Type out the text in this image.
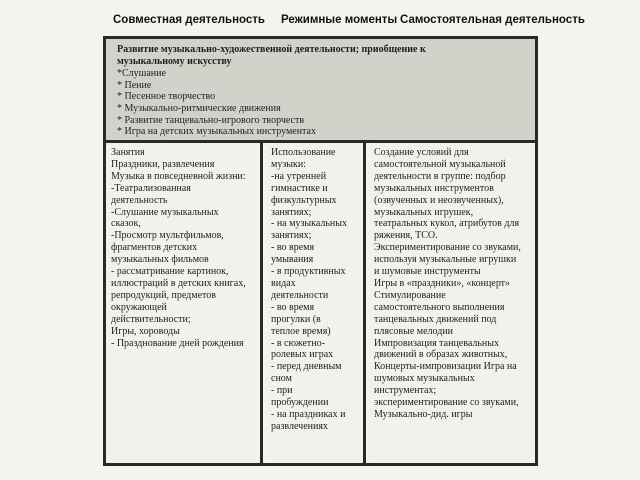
Совместная деятельность Режимные моменты Самостоятельная деятельность
Развитие музыкально-художественной деятельности; приобщение к
музыкальному искусству
*Слушание
* Пение
* Песенное творчество
* Музыкально-ритмические движения
* Развитие танцевально-игрового творчеств
* Игра на детских музыкальных инструментах
Занятия
Праздники, развлечения
Музыка в повседневной жизни:
-Театрализованная
деятельность
-Слушание музыкальных
сказок,
-Просмотр мультфильмов,
фрагментов детских
музыкальных фильмов
- рассматривание картинок,
иллюстраций в детских книгах,
репродукций, предметов
окружающей
действительности;
Игры, хороводы
- Празднование дней рождения
Использование
музыки:
-на утренней
гимнастике и
физкультурных
занятиях;
- на музыкальных
занятиях;
- во время
умывания
- в продуктивных
видах
деятельности
- во время
прогулки (в
теплое время)
- в сюжетно-
ролевых играх
- перед дневным
сном
- при
пробуждении
- на праздниках и
развлечениях
Создание условий для
самостоятельной музыкальной
деятельности в группе: подбор
музыкальных инструментов
(озвученных и неозвученных),
музыкальных игрушек,
театральных кукол, атрибутов для
ряжения, ТСО.
Экспериментирование со звуками,
используя музыкальные игрушки
и шумовые инструменты
Игры в «праздники», «концерт»
Стимулирование
самостоятельного выполнения
танцевальных движений под
плясовые мелодии
Импровизация танцевальных
движений в образах животных,
Концерты-импровизации Игра на
шумовых музыкальных
инструментах;
экспериментирование со звуками,
Музыкально-дид. игры
